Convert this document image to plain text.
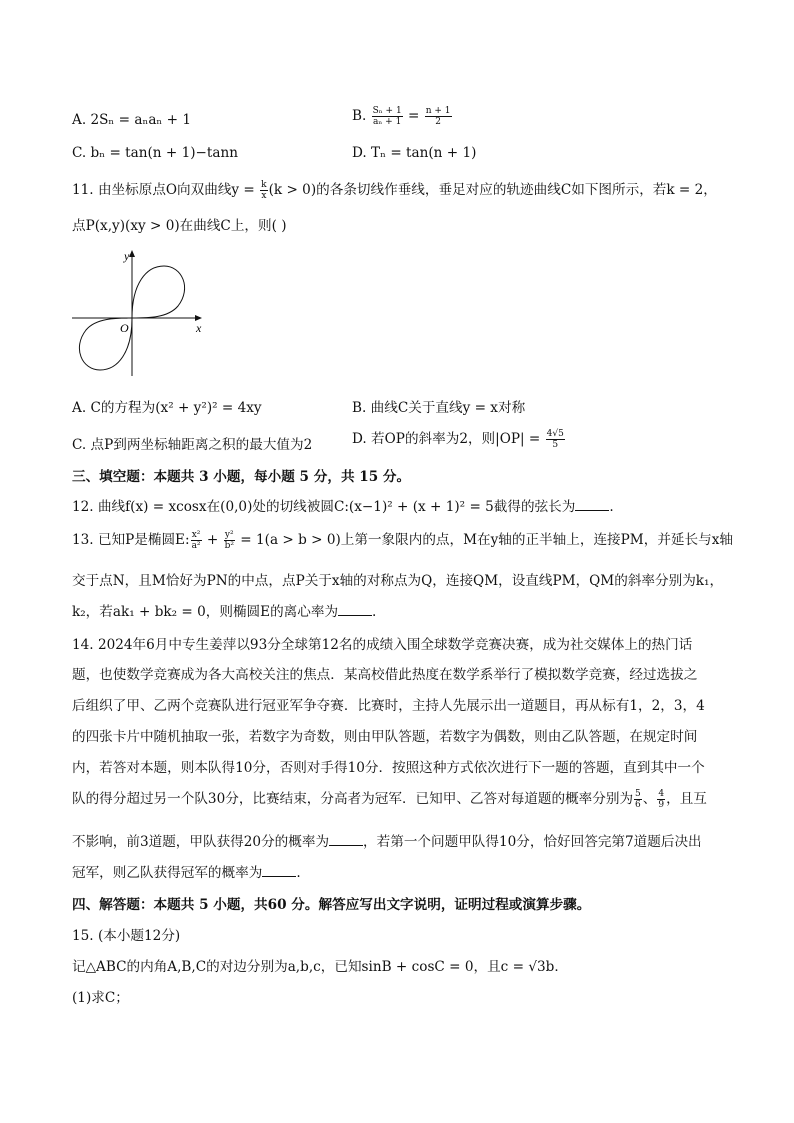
A. 2Sₙ = aₙaₙ + 1	B. $\frac{\text{Sₙ + 1}}{\text{aₙ + 1}} = \frac{n + 1}{2}$
C. bₙ = tan(n + 1)−tann	D. Tₙ = tan(n + 1)
11. 由坐标原点O向双曲线$y = \frac{k}{x} (k > 0)$的各条切线作垂线，垂足对应的轨迹曲线C如下图所示，若k = 2，
点P(x,y)(xy > 0)在曲线C上，则( )
y
x
O
A. C的方程为(x² + y²)² = 4xy	B. 曲线C关于直线y = x对称
C. 点P到两坐标轴距离之积的最大值为2	D. 若OP的斜率为2，则$|OP| = \frac{4√5}{5}$
三、填空题：本题共 3 小题，每小题 5 分，共 15 分。
12. 曲线f(x) = xcosx在(0,0)处的切线被圆C:(x−1)² + (x + 1)² = 5截得的弦长为	.
13. 已知P是椭圆E: $\frac{\text{x²}}{\text{a²}} + \frac{\text{y²}}{\text{b²}} = 1(a > b > 0)$上第一象限内的点，M在y轴的正半轴上，连接PM，并延长与x轴
交于点N，且M恰好为PN的中点，点P关于x轴的对称点为Q，连接QM，设直线PM，QM的斜率分别为k₁，
k₂，若ak₁ + bk₂ = 0，则椭圆E的离心率为	.
14. 2024年6月中专生姜萍以93分全球第12名的成绩入围全球数学竞赛决赛，成为社交媒体上的热门话
题，也使数学竞赛成为各大高校关注的焦点．某高校借此热度在数学系举行了模拟数学竞赛，经过选拔之
后组织了甲、乙两个竞赛队进行冠亚军争夺赛．比赛时，主持人先展示出一道题目，再从标有1，2，3，4
的四张卡片中随机抽取一张，若数字为奇数，则由甲队答题，若数字为偶数，则由乙队答题，在规定时间
内，若答对本题，则本队得10分，否则对手得10分．按照这种方式依次进行下一题的答题，直到其中一个
队的得分超过另一个队30分，比赛结束，分高者为冠军．已知甲、乙答对每道题的概率分别为 $\frac{5}{6}$ 、 $\frac{4}{9}$ ，且互
不影响，前3道题，甲队获得20分的概率为	，若第一个问题甲队得10分，恰好回答完第7道题后决出
冠军，则乙队获得冠军的概率为	.
四、解答题：本题共 5 小题，共60 分。解答应写出文字说明，证明过程或演算步骤。
15. (本小题12分)
记△ABC的内角A,B,C的对边分别为a,b,c，已知sinB + cosC = 0，且c = √3b．
(1)求C；
